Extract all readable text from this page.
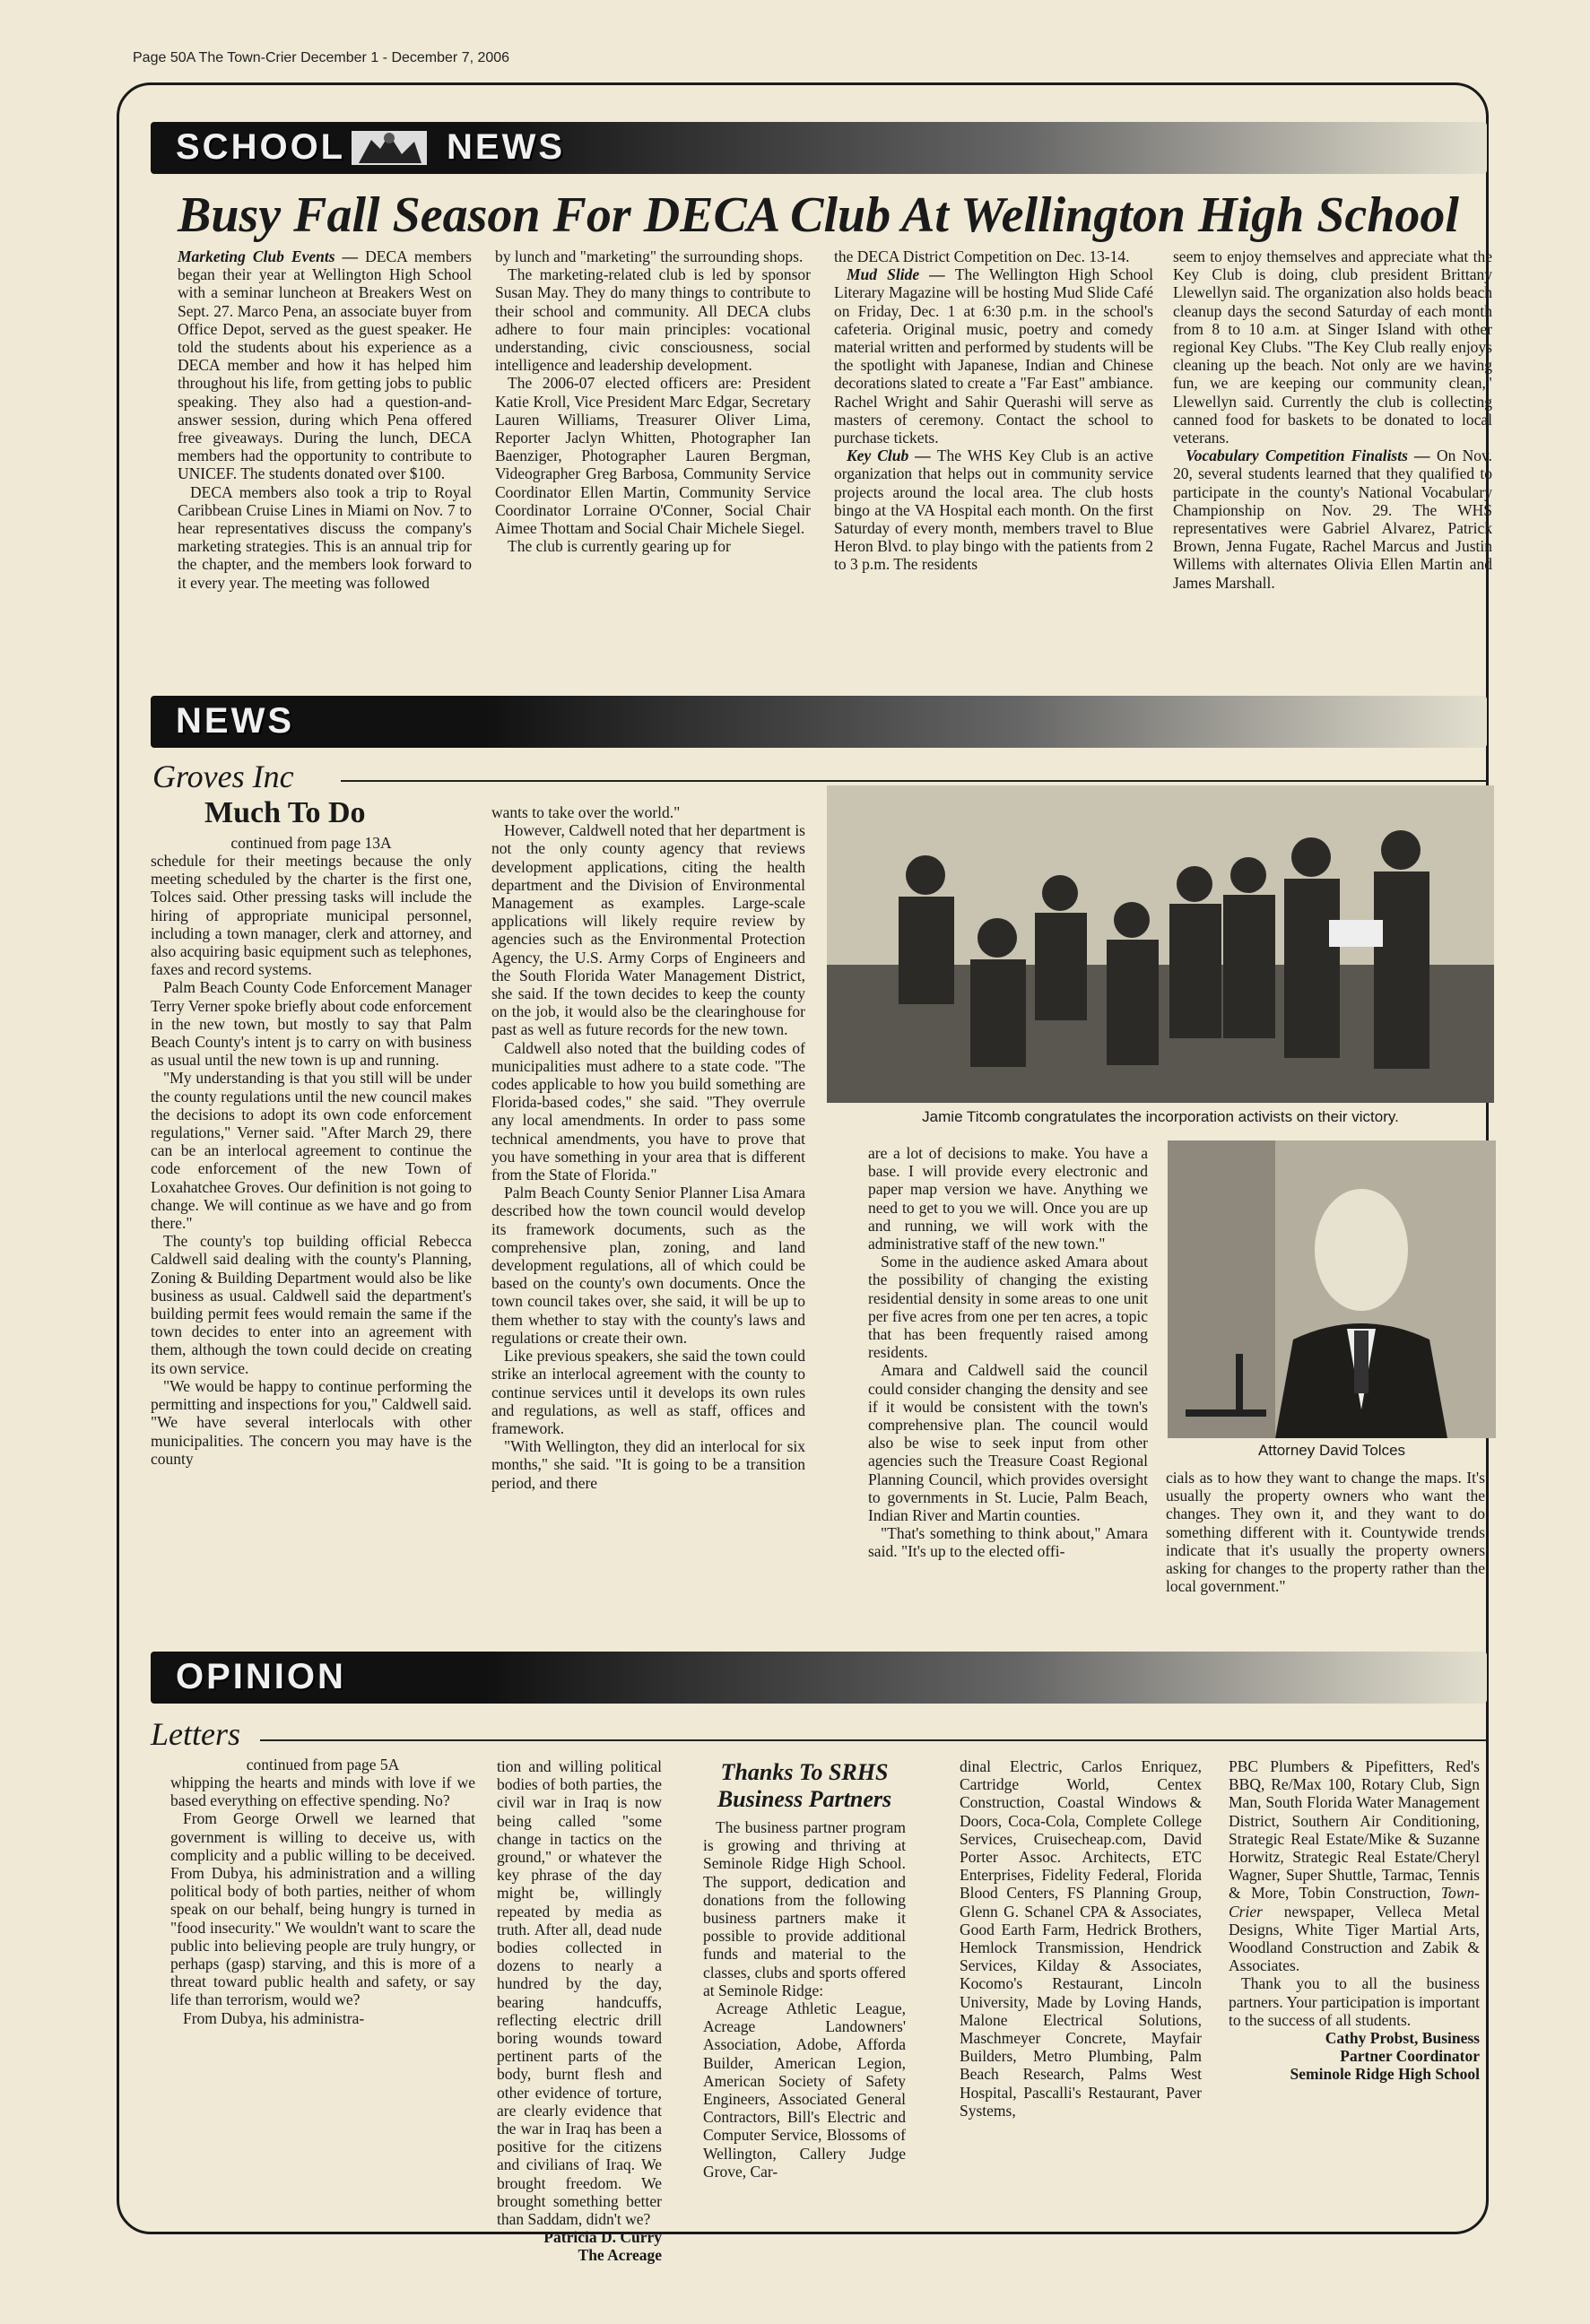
Page 50A The Town-Crier December 1 - December 7, 2006
SCHOOL	NEWS
Busy Fall Season For DECA Club At Wellington High School

Marketing Club Events — DECA members began their year at Wellington High School with a seminar luncheon at Breakers West on Sept. 27. Marco Pena, an associate buyer from Office Depot, served as the guest speaker. He told the students about his experience as a DECA member and how it has helped him throughout his life, from getting jobs to public speaking. They also had a question-and-answer session, during which Pena offered free giveaways. During the lunch, DECA members had the opportunity to contribute to UNICEF. The students donated over $100.

DECA members also took a trip to Royal Caribbean Cruise Lines in Miami on Nov. 7 to hear representatives discuss the company's marketing strategies. This is an annual trip for the chapter, and the members look forward to it every year. The meeting was followed

by lunch and "marketing" the surrounding shops.

The marketing-related club is led by sponsor Susan May. They do many things to contribute to their school and community. All DECA clubs adhere to four main principles: vocational understanding, civic consciousness, social intelligence and leadership development.

The 2006-07 elected officers are: President Katie Kroll, Vice President Marc Edgar, Secretary Lauren Williams, Treasurer Oliver Lima, Reporter Jaclyn Whitten, Photographer Ian Baenziger, Photographer Lauren Bergman, Videographer Greg Barbosa, Community Service Coordinator Ellen Martin, Community Service Coordinator Lorraine O'Conner, Social Chair Aimee Thottam and Social Chair Michele Siegel.

The club is currently gearing up for

the DECA District Competition on Dec. 13-14.

Mud Slide — The Wellington High School Literary Magazine will be hosting Mud Slide Café on Friday, Dec. 1 at 6:30 p.m. in the school's cafeteria. Original music, poetry and comedy material written and performed by students will be the spotlight with Japanese, Indian and Chinese decorations slated to create a "Far East" ambiance. Rachel Wright and Sahir Querashi will serve as masters of ceremony. Contact the school to purchase tickets.

Key Club — The WHS Key Club is an active organization that helps out in community service projects around the local area. The club hosts bingo at the VA Hospital each month. On the first Saturday of every month, members travel to Blue Heron Blvd. to play bingo with the patients from 2 to 3 p.m. The residents

seem to enjoy themselves and appreciate what the Key Club is doing, club president Brittany Llewellyn said. The organization also holds beach cleanup days the second Saturday of each month from 8 to 10 a.m. at Singer Island with other regional Key Clubs. "The Key Club really enjoys cleaning up the beach. Not only are we having fun, we are keeping our community clean," Llewellyn said. Currently the club is collecting canned food for baskets to be donated to local veterans.

Vocabulary Competition Finalists — On Nov. 20, several students learned that they qualified to participate in the county's National Vocabulary Championship on Nov. 29. The WHS representatives were Gabriel Alvarez, Patrick Brown, Jenna Fugate, Rachel Marcus and Justin Willems with alternates Olivia Ellen Martin and James Marshall.

NEWS
Groves Inc
Much To Do
continued from page 13A

schedule for their meetings because the only meeting scheduled by the charter is the first one, Tolces said. Other pressing tasks will include the hiring of appropriate municipal personnel, including a town manager, clerk and attorney, and also acquiring basic equipment such as telephones, faxes and record systems.

Palm Beach County Code Enforcement Manager Terry Verner spoke briefly about code enforcement in the new town, but mostly to say that Palm Beach County's intent js to carry on with business as usual until the new town is up and running.

"My understanding is that you still will be under the county regulations until the new council makes the decisions to adopt its own code enforcement regulations," Verner said. "After March 29, there can be an interlocal agreement to continue the code enforcement of the new Town of Loxahatchee Groves. Our definition is not going to change. We will continue as we have and go from there."

The county's top building official Rebecca Caldwell said dealing with the county's Planning, Zoning & Building Department would also be like business as usual. Caldwell said the department's building permit fees would remain the same if the town decides to enter into an agreement with them, although the town could decide on creating its own service.

"We would be happy to continue performing the permitting and inspections for you," Caldwell said. "We have several interlocals with other municipalities. The concern you may have is the county

wants to take over the world."

However, Caldwell noted that her department is not the only county agency that reviews development applications, citing the health department and the Division of Environmental Management as examples. Large-scale applications will likely require review by agencies such as the Environmental Protection Agency, the U.S. Army Corps of Engineers and the South Florida Water Management District, she said. If the town decides to keep the county on the job, it would also be the clearinghouse for past as well as future records for the new town.

Caldwell also noted that the building codes of municipalities must adhere to a state code. "The codes applicable to how you build something are Florida-based codes," she said. "They overrule any local amendments. In order to pass some technical amendments, you have to prove that you have something in your area that is different from the State of Florida."

Palm Beach County Senior Planner Lisa Amara described how the town council would develop its framework documents, such as the comprehensive plan, zoning, and land development regulations, all of which could be based on the county's own documents. Once the town council takes over, she said, it will be up to them whether to stay with the county's laws and regulations or create their own.

Like previous speakers, she said the town could strike an interlocal agreement with the county to continue services until it develops its own rules and regulations, as well as staff, offices and framework.

"With Wellington, they did an interlocal for six months," she said. "It is going to be a transition period, and there

Jamie Titcomb congratulates the incorporation activists on their victory.

are a lot of decisions to make. You have a base. I will provide every electronic and paper map version we have. Anything we need to get to you we will. Once you are up and running, we will work with the administrative staff of the new town."

Some in the audience asked Amara about the possibility of changing the existing residential density in some areas to one unit per five acres from one per ten acres, a topic that has been frequently raised among residents.

Amara and Caldwell said the council could consider changing the density and see if it would be consistent with the town's comprehensive plan. The council would also be wise to seek input from other agencies such the Treasure Coast Regional Planning Council, which provides oversight to governments in St. Lucie, Palm Beach, Indian River and Martin counties.

"That's something to think about," Amara said. "It's up to the elected offi-

Attorney David Tolces

cials as to how they want to change the maps. It's usually the property owners who want the changes. They own it, and they want to do something different with it. Countywide trends indicate that it's usually the property owners asking for changes to the property rather than the local government."

OPINION
Letters
continued from page 5A

whipping the hearts and minds with love if we based everything on effective spending. No?

From George Orwell we learned that government is willing to deceive us, with complicity and a public willing to be deceived. From Dubya, his administration and a willing political body of both parties, neither of whom speak on our behalf, being hungry is turned in "food insecurity." We wouldn't want to scare the public into believing people are truly hungry, or perhaps (gasp) starving, and this is more of a threat toward public health and safety, or say life than terrorism, would we?

From Dubya, his administra-

tion and willing political bodies of both parties, the civil war in Iraq is now being called "some change in tactics on the ground," or whatever the key phrase of the day might be, willingly repeated by media as truth. After all, dead nude bodies collected in dozens to nearly a hundred by the day, bearing handcuffs, reflecting electric drill boring wounds toward pertinent parts of the body, burnt flesh and other evidence of torture, are clearly evidence that the war in Iraq has been a positive for the citizens and civilians of Iraq. We brought freedom. We brought something better than Saddam, didn't we?

Patricia D. Curry

The Acreage

Thanks To SRHS
Business Partners

The business partner program is growing and thriving at Seminole Ridge High School. The support, dedication and donations from the following business partners make it possible to provide additional funds and material to the classes, clubs and sports offered at Seminole Ridge:

Acreage Athletic League, Acreage Landowners' Association, Adobe, Afforda Builder, American Legion, American Society of Safety Engineers, Associated General Contractors, Bill's Electric and Computer Service, Blossoms of Wellington, Callery Judge Grove, Car-

dinal Electric, Carlos Enriquez, Cartridge World, Centex Construction, Coastal Windows & Doors, Coca-Cola, Complete College Services, Cruisecheap.com, David Porter Assoc. Architects, ETC Enterprises, Fidelity Federal, Florida Blood Centers, FS Planning Group, Glenn G. Schanel CPA & Associates, Good Earth Farm, Hedrick Brothers, Hemlock Transmission, Hendrick Services, Kilday & Associates, Kocomo's Restaurant, Lincoln University, Made by Loving Hands, Malone Electrical Solutions, Maschmeyer Concrete, Mayfair Builders, Metro Plumbing, Palm Beach Research, Palms West Hospital, Pascalli's Restaurant, Paver Systems,

PBC Plumbers & Pipefitters, Red's BBQ, Re/Max 100, Rotary Club, Sign Man, South Florida Water Management District, Southern Air Conditioning, Strategic Real Estate/Mike & Suzanne Horwitz, Strategic Real Estate/Cheryl Wagner, Super Shuttle, Tarmac, Tennis & More, Tobin Construction, Town-Crier newspaper, Velleca Metal Designs, White Tiger Martial Arts, Woodland Construction and Zabik & Associates.

Thank you to all the business partners. Your participation is important to the success of all students.

Cathy Probst, Business

Partner Coordinator

Seminole Ridge High School
